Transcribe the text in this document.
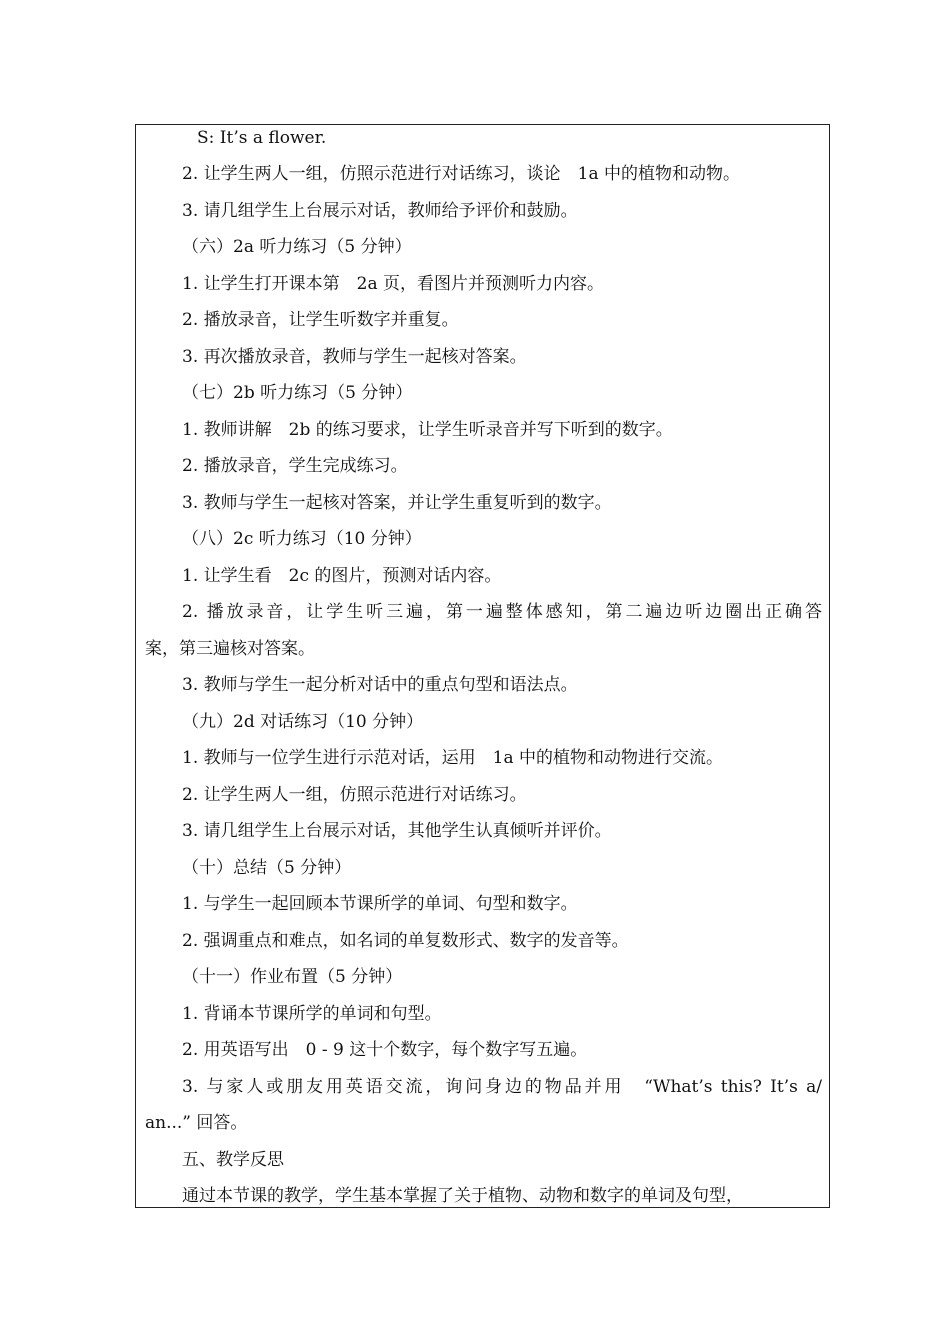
S: It’s a flower.

2. 让学生两人一组，仿照示范进行对话练习，谈论　1a 中的植物和动物。

3. 请几组学生上台展示对话，教师给予评价和鼓励。

（六）2a 听力练习（5 分钟）

1. 让学生打开课本第　2a 页，看图片并预测听力内容。

2. 播放录音，让学生听数字并重复。

3. 再次播放录音，教师与学生一起核对答案。

（七）2b 听力练习（5 分钟）

1. 教师讲解　2b 的练习要求，让学生听录音并写下听到的数字。

2. 播放录音，学生完成练习。

3. 教师与学生一起核对答案，并让学生重复听到的数字。

（八）2c 听力练习（10 分钟）

1. 让学生看　2c 的图片，预测对话内容。

2. 播放录音，让学生听三遍，第一遍整体感知，第二遍边听边圈出正确答

案，第三遍核对答案。

3. 教师与学生一起分析对话中的重点句型和语法点。

（九）2d 对话练习（10 分钟）

1. 教师与一位学生进行示范对话，运用　1a 中的植物和动物进行交流。

2. 让学生两人一组，仿照示范进行对话练习。

3. 请几组学生上台展示对话，其他学生认真倾听并评价。

（十）总结（5 分钟）

1. 与学生一起回顾本节课所学的单词、句型和数字。

2. 强调重点和难点，如名词的单复数形式、数字的发音等。

（十一）作业布置（5 分钟）

1. 背诵本节课所学的单词和句型。

2. 用英语写出　0 - 9 这十个数字，每个数字写五遍。

3. 与家人或朋友用英语交流，询问身边的物品并用　“What’s this? It’s a/

an...” 回答。

五、教学反思

通过本节课的教学，学生基本掌握了关于植物、动物和数字的单词及句型，
